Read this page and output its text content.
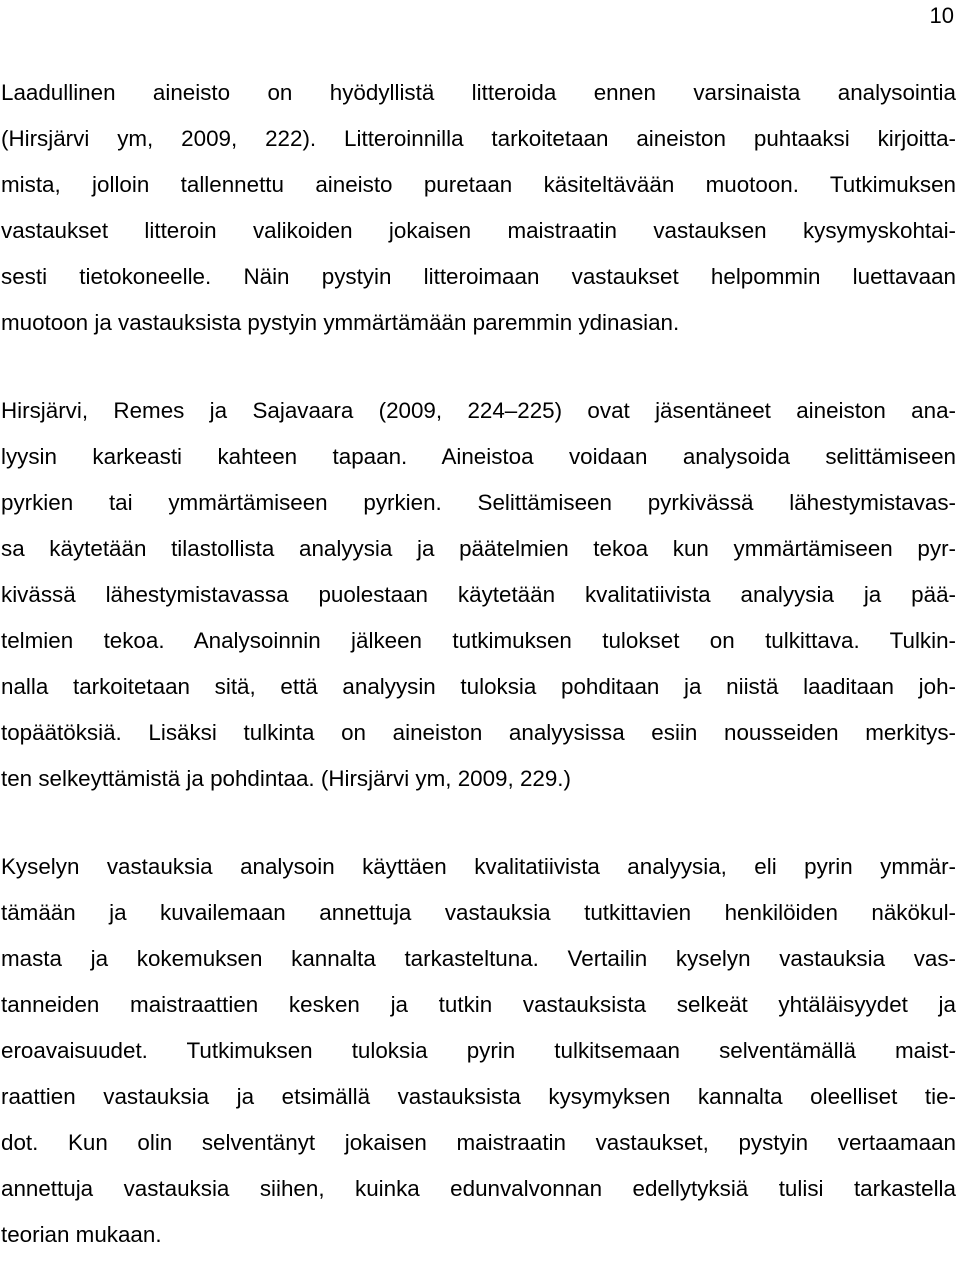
10

Laadullinen aineisto on hyödyllistä litteroida ennen varsinaista analysointia
(Hirsjärvi ym, 2009, 222). Litteroinnilla tarkoitetaan aineiston puhtaaksi kirjoitta-
mista, jolloin tallennettu aineisto puretaan käsiteltävään muotoon. Tutkimuksen
vastaukset litteroin valikoiden jokaisen maistraatin vastauksen kysymyskohtai-
sesti tietokoneelle. Näin pystyin litteroimaan vastaukset helpommin luettavaan
muotoon ja vastauksista pystyin ymmärtämään paremmin ydinasian.

Hirsjärvi, Remes ja Sajavaara (2009, 224–225) ovat jäsentäneet aineiston ana-
lyysin karkeasti kahteen tapaan. Aineistoa voidaan analysoida selittämiseen
pyrkien tai ymmärtämiseen pyrkien. Selittämiseen pyrkivässä lähestymistavas-
sa käytetään tilastollista analyysia ja päätelmien tekoa kun ymmärtämiseen pyr-
kivässä lähestymistavassa puolestaan käytetään kvalitatiivista analyysia ja pää-
telmien tekoa. Analysoinnin jälkeen tutkimuksen tulokset on tulkittava. Tulkin-
nalla tarkoitetaan sitä, että analyysin tuloksia pohditaan ja niistä laaditaan joh-
topäätöksiä. Lisäksi tulkinta on aineiston analyysissa esiin nousseiden merkitys-
ten selkeyttämistä ja pohdintaa. (Hirsjärvi ym, 2009, 229.)

Kyselyn vastauksia analysoin käyttäen kvalitatiivista analyysia, eli pyrin ymmär-
tämään ja kuvailemaan annettuja vastauksia tutkittavien henkilöiden näkökul-
masta ja kokemuksen kannalta tarkasteltuna. Vertailin kyselyn vastauksia vas-
tanneiden maistraattien kesken ja tutkin vastauksista selkeät yhtäläisyydet ja
eroavaisuudet. Tutkimuksen tuloksia pyrin tulkitsemaan selventämällä maist-
raattien vastauksia ja etsimällä vastauksista kysymyksen kannalta oleelliset tie-
dot. Kun olin selventänyt jokaisen maistraatin vastaukset, pystyin vertaamaan
annettuja vastauksia siihen, kuinka edunvalvonnan edellytyksiä tulisi tarkastella
teorian mukaan.
